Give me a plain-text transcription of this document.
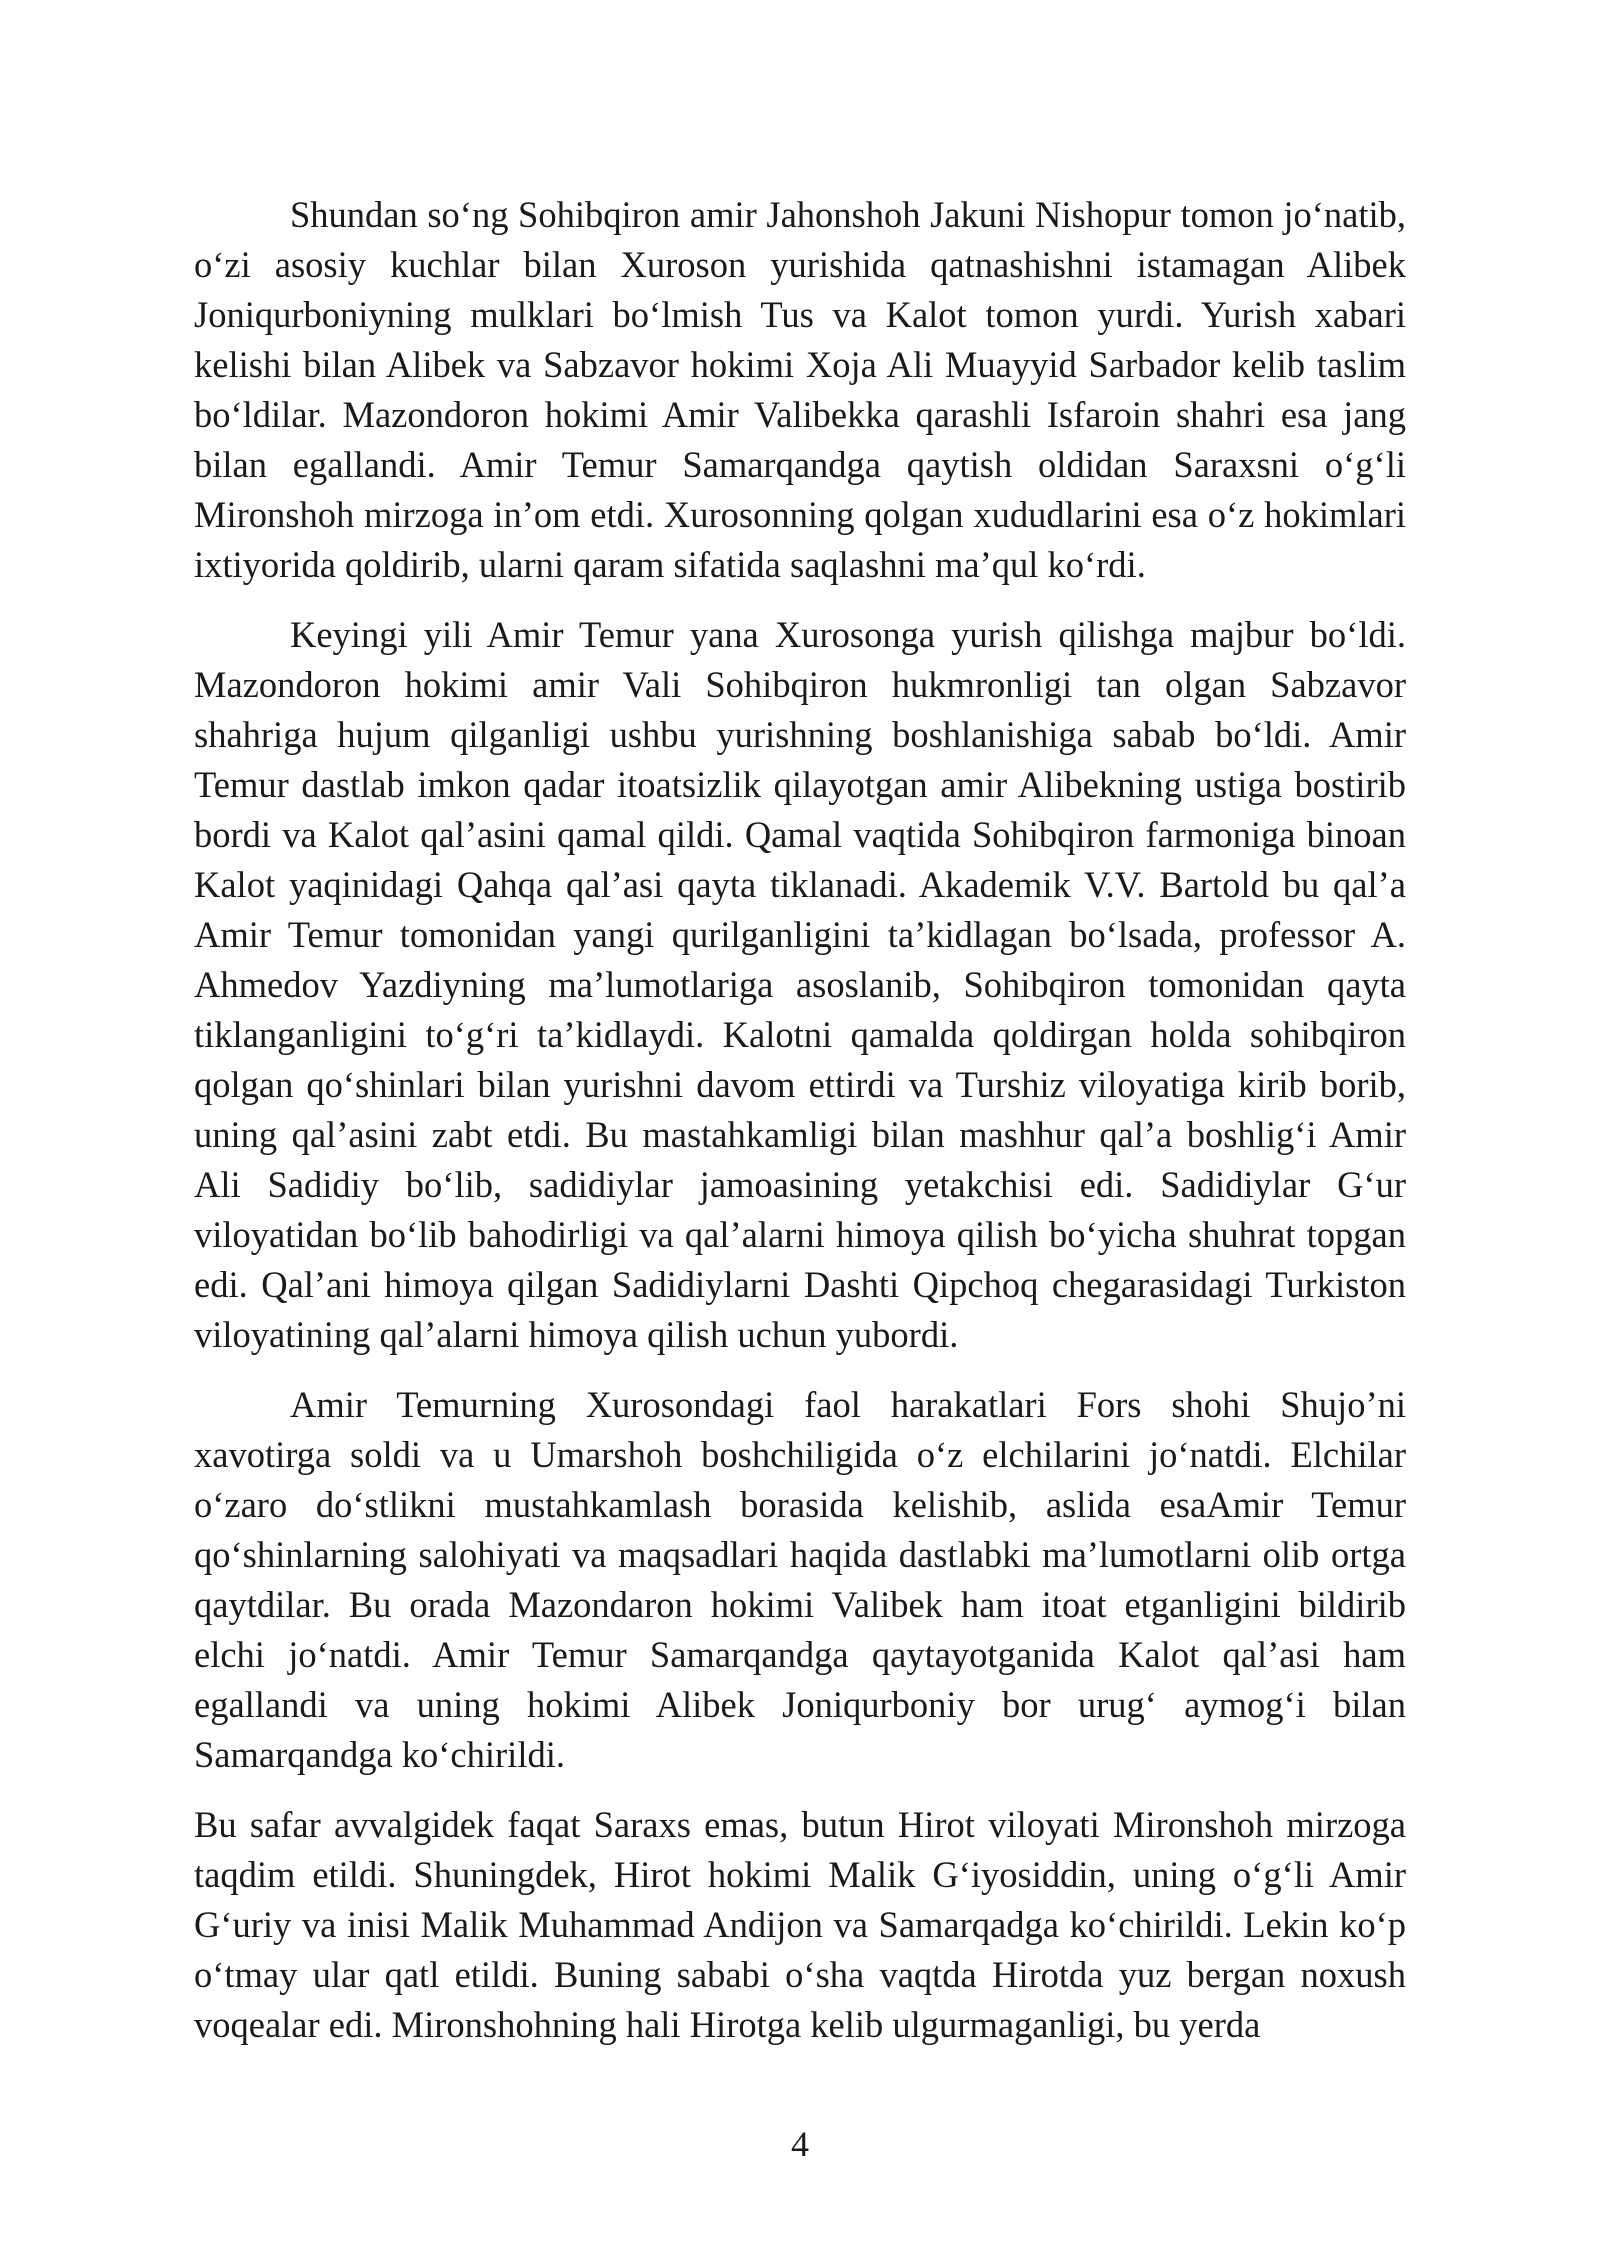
Shundan so‘ng Sohibqiron amir Jahonshoh Jakuni Nishopur tomon jo‘natib, o‘zi asosiy kuchlar bilan Xuroson yurishida qatnashishni istamagan Alibek Joniqurboniyning mulklari bo‘lmish Tus va Kalot tomon yurdi. Yurish xabari kelishi bilan Alibek va Sabzavor hokimi Xoja Ali Muayyid Sarbador kelib taslim bo‘ldilar. Mazondoron hokimi Amir Valibekka qarashli Isfaroin shahri esa jang bilan egallandi. Amir Temur Samarqandga qaytish oldidan Saraxsni o‘g‘li Mironshoh mirzoga in’om etdi. Xurosonning qolgan xududlarini esa o‘z hokimlari ixtiyorida qoldirib, ularni qaram sifatida saqlashni ma’qul ko‘rdi.

Keyingi yili Amir Temur yana Xurosonga yurish qilishga majbur bo‘ldi. Mazondoron hokimi amir Vali Sohibqiron hukmronligi tan olgan Sabzavor shahriga hujum qilganligi ushbu yurishning boshlanishiga sabab bo‘ldi. Amir Temur dastlab imkon qadar itoatsizlik qilayotgan amir Alibekning ustiga bostirib bordi va Kalot qal’asini qamal qildi. Qamal vaqtida Sohibqiron farmoniga binoan Kalot yaqinidagi Qahqa qal’asi qayta tiklanadi. Akademik V.V. Bartold bu qal’a Amir Temur tomonidan yangi qurilganligini ta’kidlagan bo‘lsada, professor A. Ahmedov Yazdiyning ma’lumotlariga asoslanib, Sohibqiron tomonidan qayta tiklanganligini to‘g‘ri ta’kidlaydi. Kalotni qamalda qoldirgan holda sohibqiron qolgan qo‘shinlari bilan yurishni davom ettirdi va Turshiz viloyatiga kirib borib, uning qal’asini zabt etdi. Bu mastahkamligi bilan mashhur qal’a boshlig‘i Amir Ali Sadidiy bo‘lib, sadidiylar jamoasining yetakchisi edi. Sadidiylar G‘ur viloyatidan bo‘lib bahodirligi va qal’alarni himoya qilish bo‘yicha shuhrat topgan edi. Qal’ani himoya qilgan Sadidiylarni Dashti Qipchoq chegarasidagi Turkiston viloyatining qal’alarni himoya qilish uchun yubordi.

Amir Temurning Xurosondagi faol harakatlari Fors shohi Shujo’ni xavotirga soldi va u Umarshoh boshchiligida o‘z elchilarini jo‘natdi. Elchilar o‘zaro do‘stlikni mustahkamlash borasida kelishib, aslida esaAmir Temur qo‘shinlarning salohiyati va maqsadlari haqida dastlabki ma’lumotlarni olib ortga qaytdilar. Bu orada Mazondaron hokimi Valibek ham itoat etganligini bildirib elchi jo‘natdi. Amir Temur Samarqandga qaytayotganida Kalot qal’asi ham egallandi va uning hokimi Alibek Joniqurboniy bor urug‘ aymog‘i bilan Samarqandga ko‘chirildi.

Bu safar avvalgidek faqat Saraxs emas, butun Hirot viloyati Mironshoh mirzoga taqdim etildi. Shuningdek, Hirot hokimi Malik G‘iyosiddin, uning o‘g‘li Amir G‘uriy va inisi Malik Muhammad Andijon va Samarqadga ko‘chirildi. Lekin ko‘p o‘tmay ular qatl etildi. Buning sababi o‘sha vaqtda Hirotda yuz bergan noxush voqealar edi. Mironshohning hali Hirotga kelib ulgurmaganligi, bu yerda

4
